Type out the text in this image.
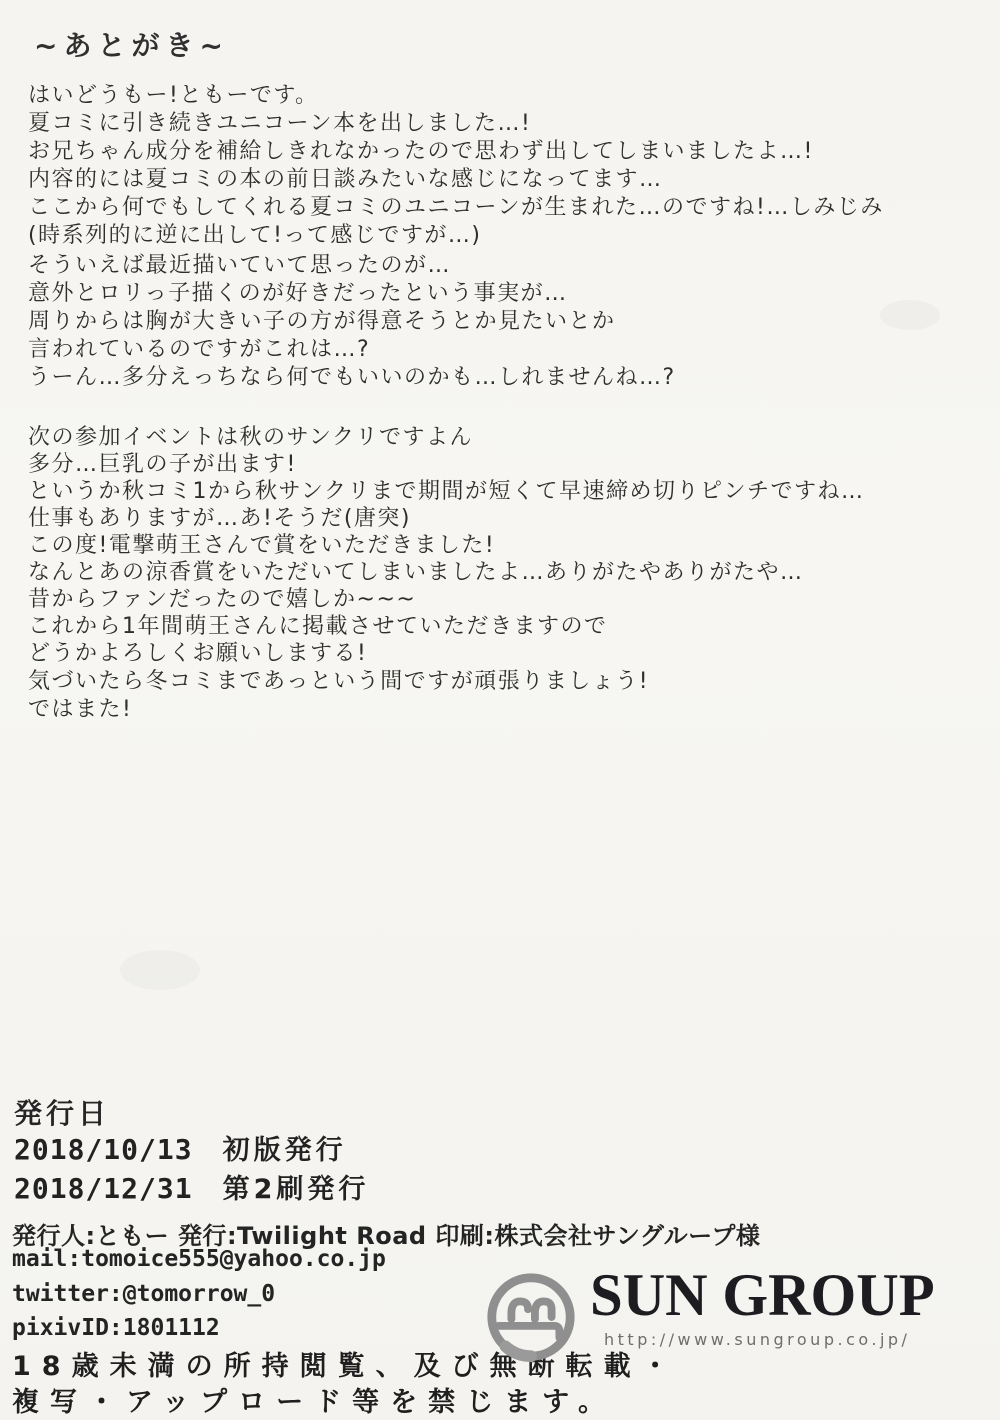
~あとがき~
はいどうもー!ともーです。
夏コミに引き続きユニコーン本を出しました…!
お兄ちゃん成分を補給しきれなかったので思わず出してしまいましたよ…!
内容的には夏コミの本の前日談みたいな感じになってます…
ここから何でもしてくれる夏コミのユニコーンが生まれた…のですね!…しみじみ
(時系列的に逆に出して!って感じですが…)
そういえば最近描いていて思ったのが…
意外とロリっ子描くのが好きだったという事実が…
周りからは胸が大きい子の方が得意そうとか見たいとか
言われているのですがこれは…?
うーん…多分えっちなら何でもいいのかも…しれませんね…?
次の参加イベントは秋のサンクリですよん
多分…巨乳の子が出ます!
というか秋コミ1から秋サンクリまで期間が短くて早速締め切りピンチですね…
仕事もありますが…あ!そうだ(唐突)
この度!電撃萌王さんで賞をいただきました!
なんとあの涼香賞をいただいてしまいましたよ…ありがたやありがたや…
昔からファンだったので嬉しか~~~
これから1年間萌王さんに掲載させていただきますので
どうかよろしくお願いしまする!
気づいたら冬コミまであっという間ですが頑張りましょう!
ではまた!
発行日
2018/10/13 初版発行
2018/12/31 第2刷発行
発行人:ともー 発行:Twilight Road 印刷:株式会社サングループ様
mail:tomoice555@yahoo.co.jp
twitter:@tomorrow_0
pixivID:1801112
18歳未満の所持閲覧、及び無断転載・
複写・アップロード等を禁じます。
SUN GROUP
http://www.sungroup.co.jp/
